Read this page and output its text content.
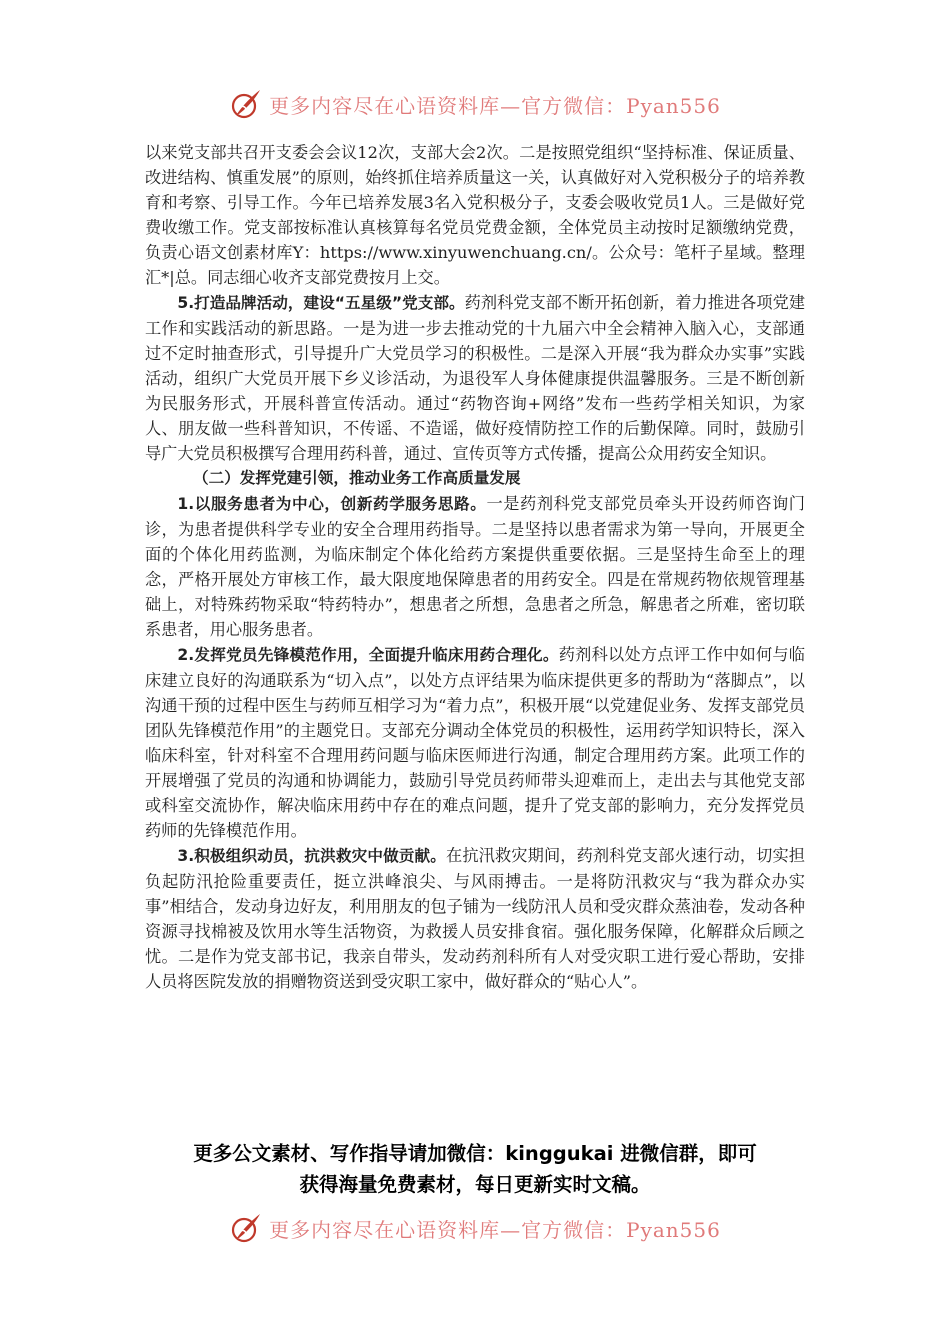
更多内容尽在心语资料库—官方微信：Pyan556

以来党支部共召开支委会会议12次，支部大会2次。二是按照党组织“坚持标准、保证质量、改进结构、慎重发展”的原则，始终抓住培养质量这一关，认真做好对入党积极分子的培养教育和考察、引导工作。今年已培养发展3名入党积极分子，支委会吸收党员1人。三是做好党费收缴工作。党支部按标准认真核算每名党员党费金额，全体党员主动按时足额缴纳党费，负责心语文创素材库Y：https://www.xinyuwenchuang.cn/。公众号：笔杆子星域。整理汇*|总。同志细心收齐支部党费按月上交。

5.打造品牌活动，建设“五星级”党支部。药剂科党支部不断开拓创新，着力推进各项党建工作和实践活动的新思路。一是为进一步去推动党的十九届六中全会精神入脑入心，支部通过不定时抽查形式，引导提升广大党员学习的积极性。二是深入开展“我为群众办实事”实践活动，组织广大党员开展下乡义诊活动，为退役军人身体健康提供温馨服务。三是不断创新为民服务形式，开展科普宣传活动。通过“药物咨询+网络”发布一些药学相关知识，为家人、朋友做一些科普知识，不传谣、不造谣，做好疫情防控工作的后勤保障。同时，鼓励引导广大党员积极撰写合理用药科普，通过、宣传页等方式传播，提高公众用药安全知识。

（二）发挥党建引领，推动业务工作高质量发展

1.以服务患者为中心，创新药学服务思路。一是药剂科党支部党员牵头开设药师咨询门诊，为患者提供科学专业的安全合理用药指导。二是坚持以患者需求为第一导向，开展更全面的个体化用药监测，为临床制定个体化给药方案提供重要依据。三是坚持生命至上的理念，严格开展处方审核工作，最大限度地保障患者的用药安全。四是在常规药物依规管理基础上，对特殊药物采取“特药特办”，想患者之所想，急患者之所急，解患者之所难，密切联系患者，用心服务患者。

2.发挥党员先锋模范作用，全面提升临床用药合理化。药剂科以处方点评工作中如何与临床建立良好的沟通联系为“切入点”，以处方点评结果为临床提供更多的帮助为“落脚点”，以沟通干预的过程中医生与药师互相学习为“着力点”，积极开展“以党建促业务、发挥支部党员团队先锋模范作用”的主题党日。支部充分调动全体党员的积极性，运用药学知识特长，深入临床科室，针对科室不合理用药问题与临床医师进行沟通，制定合理用药方案。此项工作的开展增强了党员的沟通和协调能力，鼓励引导党员药师带头迎难而上，走出去与其他党支部或科室交流协作，解决临床用药中存在的难点问题，提升了党支部的影响力，充分发挥党员药师的先锋模范作用。

3.积极组织动员，抗洪救灾中做贡献。在抗汛救灾期间，药剂科党支部火速行动，切实担负起防汛抢险重要责任，挺立洪峰浪尖、与风雨搏击。一是将防汛救灾与“我为群众办实事”相结合，发动身边好友，利用朋友的包子铺为一线防汛人员和受灾群众蒸油卷，发动各种资源寻找棉被及饮用水等生活物资，为救援人员安排食宿。强化服务保障，化解群众后顾之忧。二是作为党支部书记，我亲自带头，发动药剂科所有人对受灾职工进行爱心帮助，安排人员将医院发放的捐赠物资送到受灾职工家中，做好群众的“贴心人”。

更多公文素材、写作指导请加微信：kinggukai 进微信群，即可
获得海量免费素材，每日更新实时文稿。
更多内容尽在心语资料库—官方微信：Pyan556
